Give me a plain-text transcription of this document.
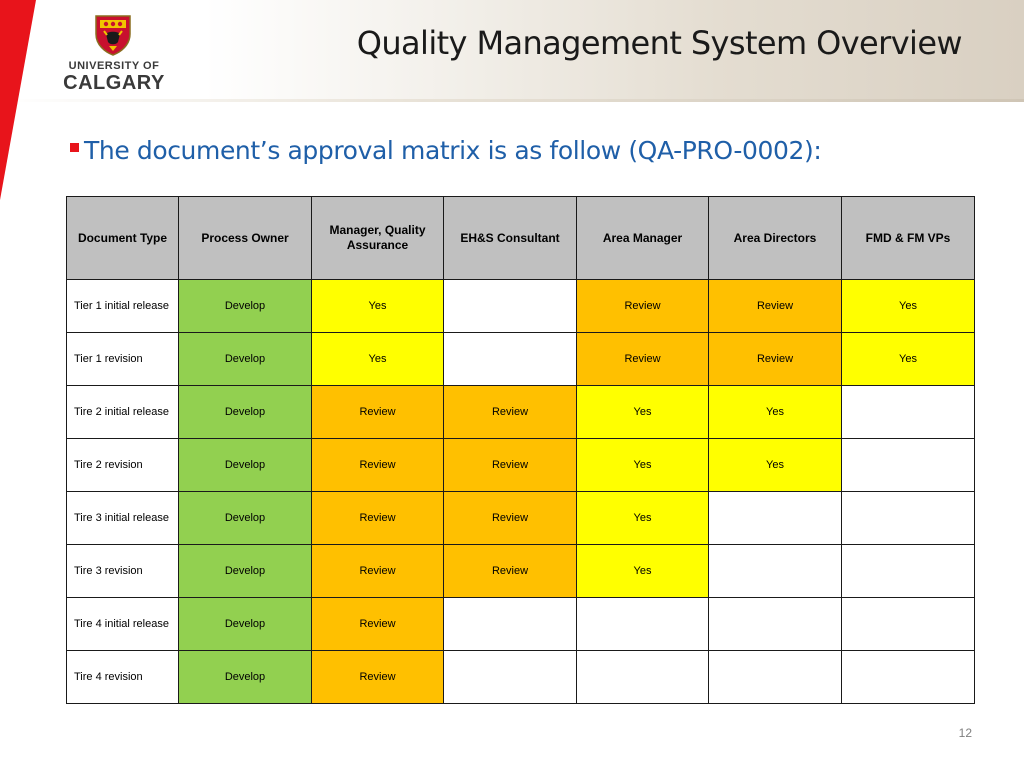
UNIVERSITY OF
CALGARY
Quality Management System Overview
The document’s approval matrix is as follow (QA-PRO-0002):
Document Type	Process Owner	Manager, Quality Assurance	EH&S Consultant	Area Manager	Area Directors	FMD & FM VPs
Tier 1 initial release	Develop	Yes		Review	Review	Yes
Tier 1 revision	Develop	Yes		Review	Review	Yes
Tire 2 initial release	Develop	Review	Review	Yes	Yes	
Tire 2 revision	Develop	Review	Review	Yes	Yes	
Tire 3 initial release	Develop	Review	Review	Yes		
Tire 3 revision	Develop	Review	Review	Yes		
Tire 4 initial release	Develop	Review				
Tire 4 revision	Develop	Review				
12
